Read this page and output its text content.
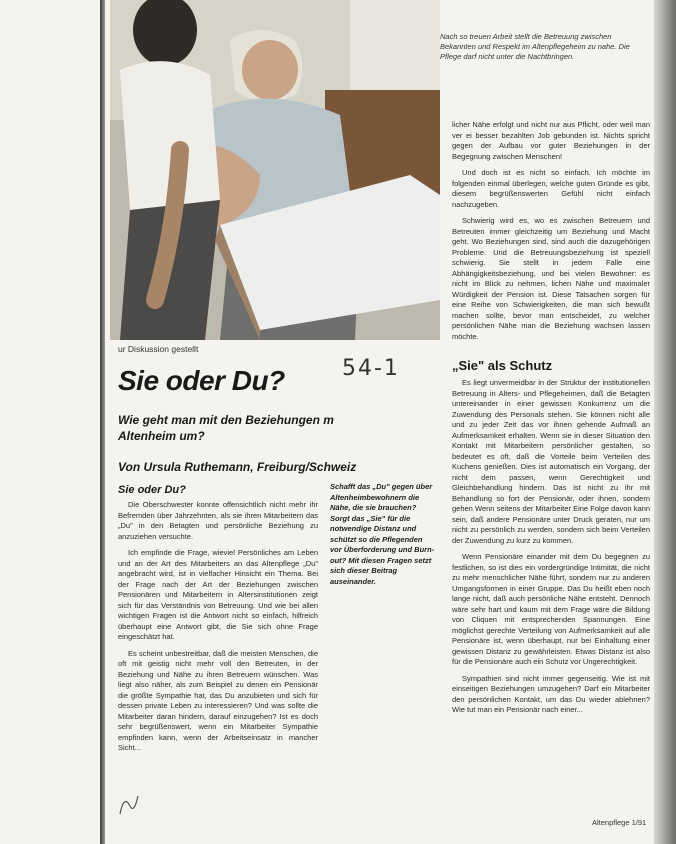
Nach so treuen Arbeit stellt die Betreuung zwischen Bekannten und Respekt im Altenpflegeheim zu nahe. Die Pflege darf nicht unter die Nachtbringen.
ur Diskussion gestellt
54-1
Sie oder Du?
Wie geht man mit den Beziehungen m Altenheim um?
Von Ursula Ruthemann, Freiburg/Schweiz
Sie oder Du?

Die Oberschwester konnte offensichtlich nicht mehr ihr Befremden über Jahrzehnten, als sie ihren Mitarbeitern das „Du" in den Betagten und persönliche Beziehung zu anzuziehen versuchte.

Ich empfinde die Frage, wieviel Persönliches am Leben und an der Art des Mitarbeiters an das Altenpflege „Du" angebracht wird, ist in vielfacher Hinsicht ein Thema. Bei der Frage nach der Art der Beziehungen zwischen Pensionären und Mitarbeitern in Altersinstitutionen zeigt sich für das Verständnis von Betreuung. Und wie bei allen wichtigen Fragen ist die Antwort nicht so einfach, hilfreich überhaupt eine Antwort gibt, die Sie sich ohne Frage eingeschätzt hat.

Es scheint unbestreitbar, daß die meisten Menschen, die oft mit geistig nicht mehr voll den Betreuten, in der Beziehung und Nähe zu ihren Betreuern wünschen. Was liegt also näher, als zum Beispiel zu denen ein Pensionär die größte Sympathie hat, das Du anzubieten und sich für dessen private Leben zu interessieren? Und was sollte die Mitarbeiter daran hindern, darauf einzugehen? Ist es doch sehr begrüßenswert, wenn ein Mitarbeiter Sympathie empfinden kann, wenn der Arbeitseinsatz in mancher Sicht...

Schafft das „Du" gegen über Altenheimbewohnern die Nähe, die sie brauchen? Sorgt das „Sie" für die notwendige Distanz und schützt so die Pflegenden vor Überforderung und Burn-out? Mit diesen Fragen setzt sich dieser Beitrag auseinander.

licher Nähe erfolgt und nicht nur aus Pflicht, oder weil man ver ei besser bezahlten Job gebunden ist. Nichts spricht gegen der Aufbau vor guter Beziehungen in der Begegnung zwischen Menschen!

Und doch ist es nicht so einfach. Ich möchte im folgenden einmal überlegen, welche guten Gründe es gibt, diesem begrüßenswerten Gefühl nicht einfach nachzugeben.

Schwierig wird es, wo es zwischen Betreuern und Betreuten immer gleichzeitig um Beziehung und Macht geht. Wo Beziehungen sind, sind auch die dazugehörigen Probleme. Und die Betreuungsbeziehung ist speziell schwierig. Sie stellt in jedem Falle eine Abhängigkeitsbeziehung, und bei vielen Bewohner: es nicht im Blick zu nehmen, lichen Nähe und maximaler Würdigkeit der Pension ist. Diese Tatsachen sorgen für eine Reihe von Schwierigkeiten, die man sich bewußt machen sollte, bevor man entscheidet, zu welcher persönlichen Nähe man die Beziehung wachsen lassen möchte.

„Sie" als Schutz

Es liegt unvermeidbar in der Struktur der institutionellen Betreuung in Alters- und Pflegeheimen, daß die Betagten untereinander in einer gewissen Konkurrenz um die Zuwendung des Personals stehen. Sie können nicht alle und zu jeder Zeit das vor ihnen gehende Aufmaß an Aufmerksamkeit erhalten. Wenn sie in dieser Situation den Kontakt mit Mitarbeitern persönlicher gestalten, so bedeutet es oft, daß die Vorteile beim Verteilen des Kuchens genießen. Dies ist automatisch ein Vorgang, der nicht dem passen, wenn Gerechtigkeit und Gleichbehandlung hindern. Das ist nicht zu ihr mit Behandlung so fort der Pensionär, oder ihnen, sondern gehen Wenn seitens der Mitarbeiter Eine Folge davon kann sein, daß andere Pensionäre unter Druck geraten, nur um nicht zu persönlich zu werden, sondern sich beim Verteilen der Zuwendung zu kurz zu kommen.

Wenn Pensionäre einander mit dem Du begegnen zu festlichen, so ist dies ein vordergründige Intimität, die nicht zu mehr menschlicher Nähe führt, sondern nur zu anderen Umgangsformen in einer Gruppe. Das Du heißt eben noch lange nicht, daß auch persönliche Nähe entsteht. Dennoch wäre sehr hart und kaum mit dem Frage wäre die Bildung von Cliquen mit entsprechenden Spannungen. Eine möglichst gerechte Verteilung von Aufmerksamkeit auf alle Pensionäre ist, wenn überhaupt, nur bei Einhaltung einer gewissen Distanz zu gewährleisten. Etwas Distanz ist also für die Pensionäre auch ein Schutz vor Ungerechtigkeit.

Sympathien sind nicht immer gegenseitig. Wie ist mit einseitigen Beziehungen umzugehen? Darf ein Mitarbeiter den persönlichen Kontakt, um das Du wieder ablehnen? Wie tut man ein Pensionär nach einer...

Altenpflege 1/91
